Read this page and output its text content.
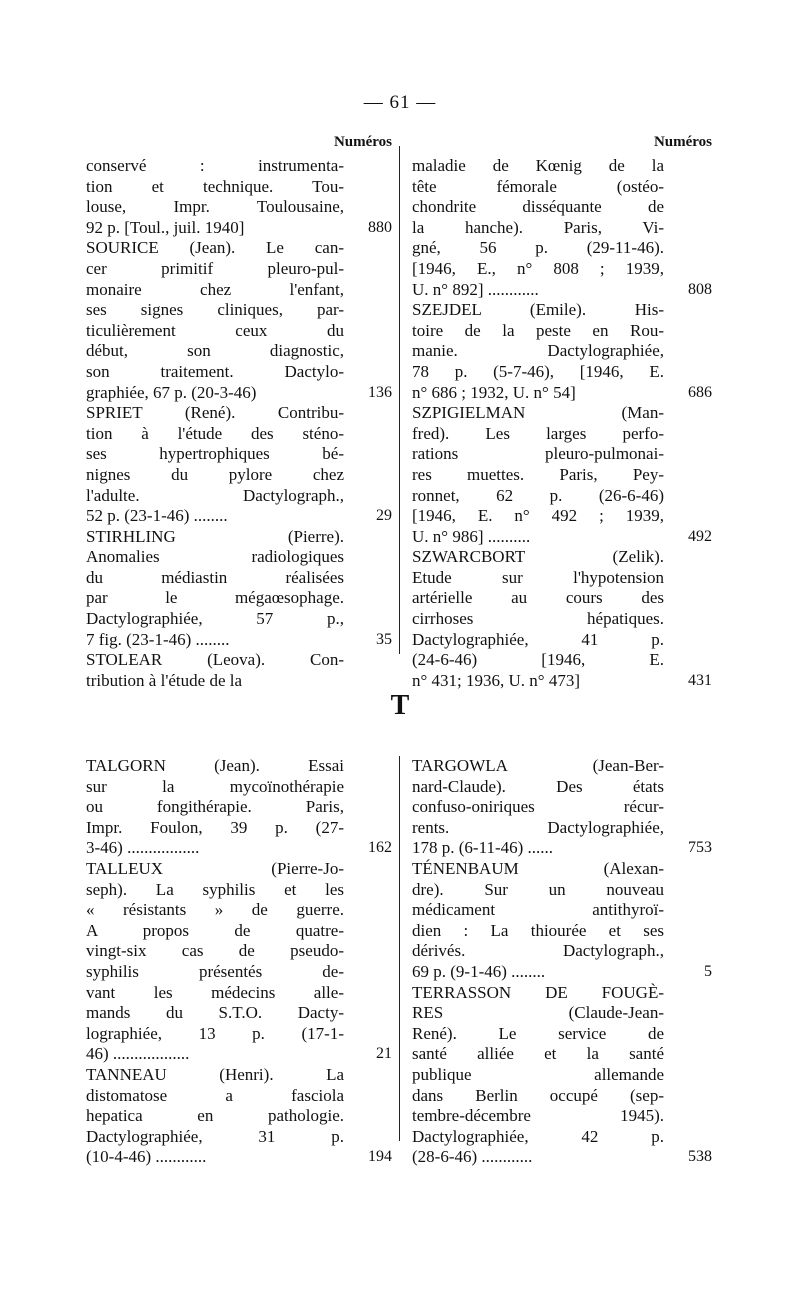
— 61 —
Numéros
conservé : instrumenta-
tion et technique. Tou-
louse, Impr. Toulousaine,
92 p. [Toul., juil. 1940]	880
SOURICE (Jean). Le can-
cer primitif pleuro-pul-
monaire chez l'enfant,
ses signes cliniques, par-
ticulièrement ceux du
début, son diagnostic,
son traitement. Dactylo-
graphiée, 67 p. (20-3-46)	136
SPRIET (René). Contribu-
tion à l'étude des sténo-
ses hypertrophiques bé-
nignes du pylore chez
l'adulte. Dactylograph.,
52 p. (23-1-46) ........	29
STIRHLING (Pierre).
Anomalies radiologiques
du médiastin réalisées
par le mégaœsophage.
Dactylographiée, 57 p.,
7 fig. (23-1-46) ........	35
STOLEAR (Leova). Con-
tribution à l'étude de la
Numéros
maladie de Kœnig de la
tête fémorale (ostéo-
chondrite disséquante de
la hanche). Paris, Vi-
gné, 56 p. (29-11-46).
[1946, E., n° 808 ; 1939,
U. n° 892] ............	808
SZEJDEL (Emile). His-
toire de la peste en Rou-
manie. Dactylographiée,
78 p. (5-7-46), [1946, E.
n° 686 ; 1932, U. n° 54]	686
SZPIGIELMAN (Man-
fred). Les larges perfo-
rations pleuro-pulmonai-
res muettes. Paris, Pey-
ronnet, 62 p. (26-6-46)
[1946, E. n° 492 ; 1939,
U. n° 986] ..........	492
SZWARCBORT (Zelik).
Etude sur l'hypotension
artérielle au cours des
cirrhoses hépatiques.
Dactylographiée, 41 p.
(24-6-46) [1946, E.
n° 431; 1936, U. n° 473]	431
T
TALGORN (Jean). Essai
sur la mycoïnothérapie
ou fongithérapie. Paris,
Impr. Foulon, 39 p. (27-
3-46) .................	162
TALLEUX (Pierre-Jo-
seph). La syphilis et les
« résistants » de guerre.
A propos de quatre-
vingt-six cas de pseudo-
syphilis présentés de-
vant les médecins alle-
mands du S.T.O. Dacty-
lographiée, 13 p. (17-1-
46) ..................	21
TANNEAU (Henri). La
distomatose a fasciola
hepatica en pathologie.
Dactylographiée, 31 p.
(10-4-46) ............	194
TARGOWLA (Jean-Ber-
nard-Claude). Des états
confuso-oniriques récur-
rents. Dactylographiée,
178 p. (6-11-46) ......	753
TÉNENBAUM (Alexan-
dre). Sur un nouveau
médicament antithyroï-
dien : La thiourée et ses
dérivés. Dactylograph.,
69 p. (9-1-46) ........	5
TERRASSON DE FOUGÈ-
RES (Claude-Jean-
René). Le service de
santé alliée et la santé
publique allemande
dans Berlin occupé (sep-
tembre-décembre 1945).
Dactylographiée, 42 p.
(28-6-46) ............	538
